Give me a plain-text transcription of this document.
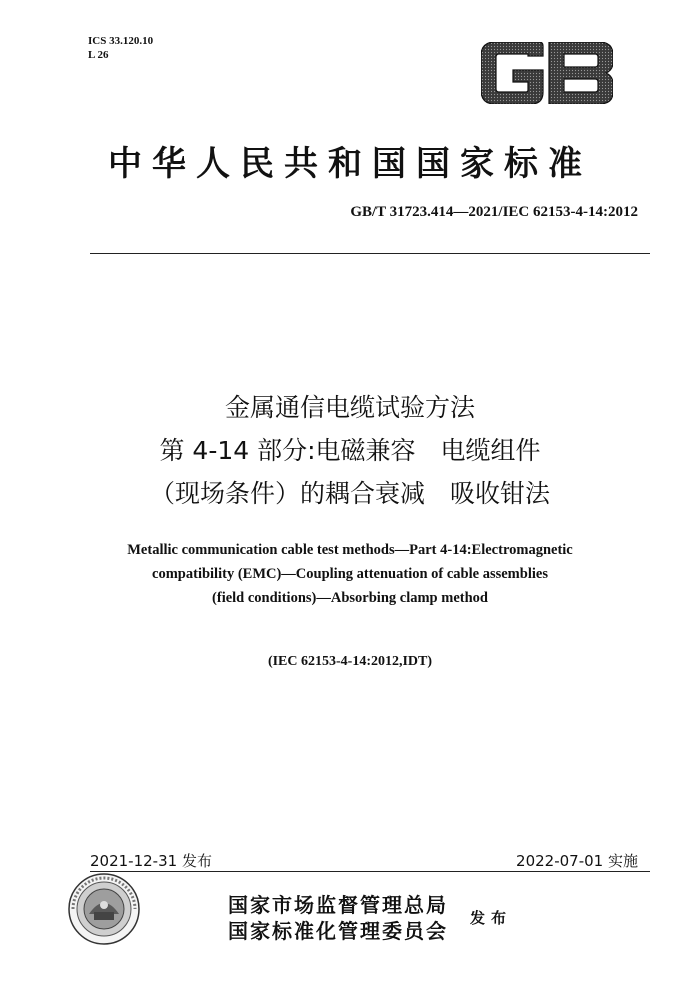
ICS 33.120.10
L 26
中华人民共和国国家标准
GB/T 31723.414—2021/IEC 62153-4-14:2012
金属通信电缆试验方法
第 4-14 部分:电磁兼容　电缆组件
（现场条件）的耦合衰减　吸收钳法
Metallic communication cable test methods—Part 4-14:Electromagnetic
compatibility (EMC)—Coupling attenuation of cable assemblies
(field conditions)—Absorbing clamp method
(IEC 62153-4-14:2012,IDT)
2021-12-31 发布	2022-07-01 实施
国家市场监督管理总局
国家标准化管理委员会
发布
